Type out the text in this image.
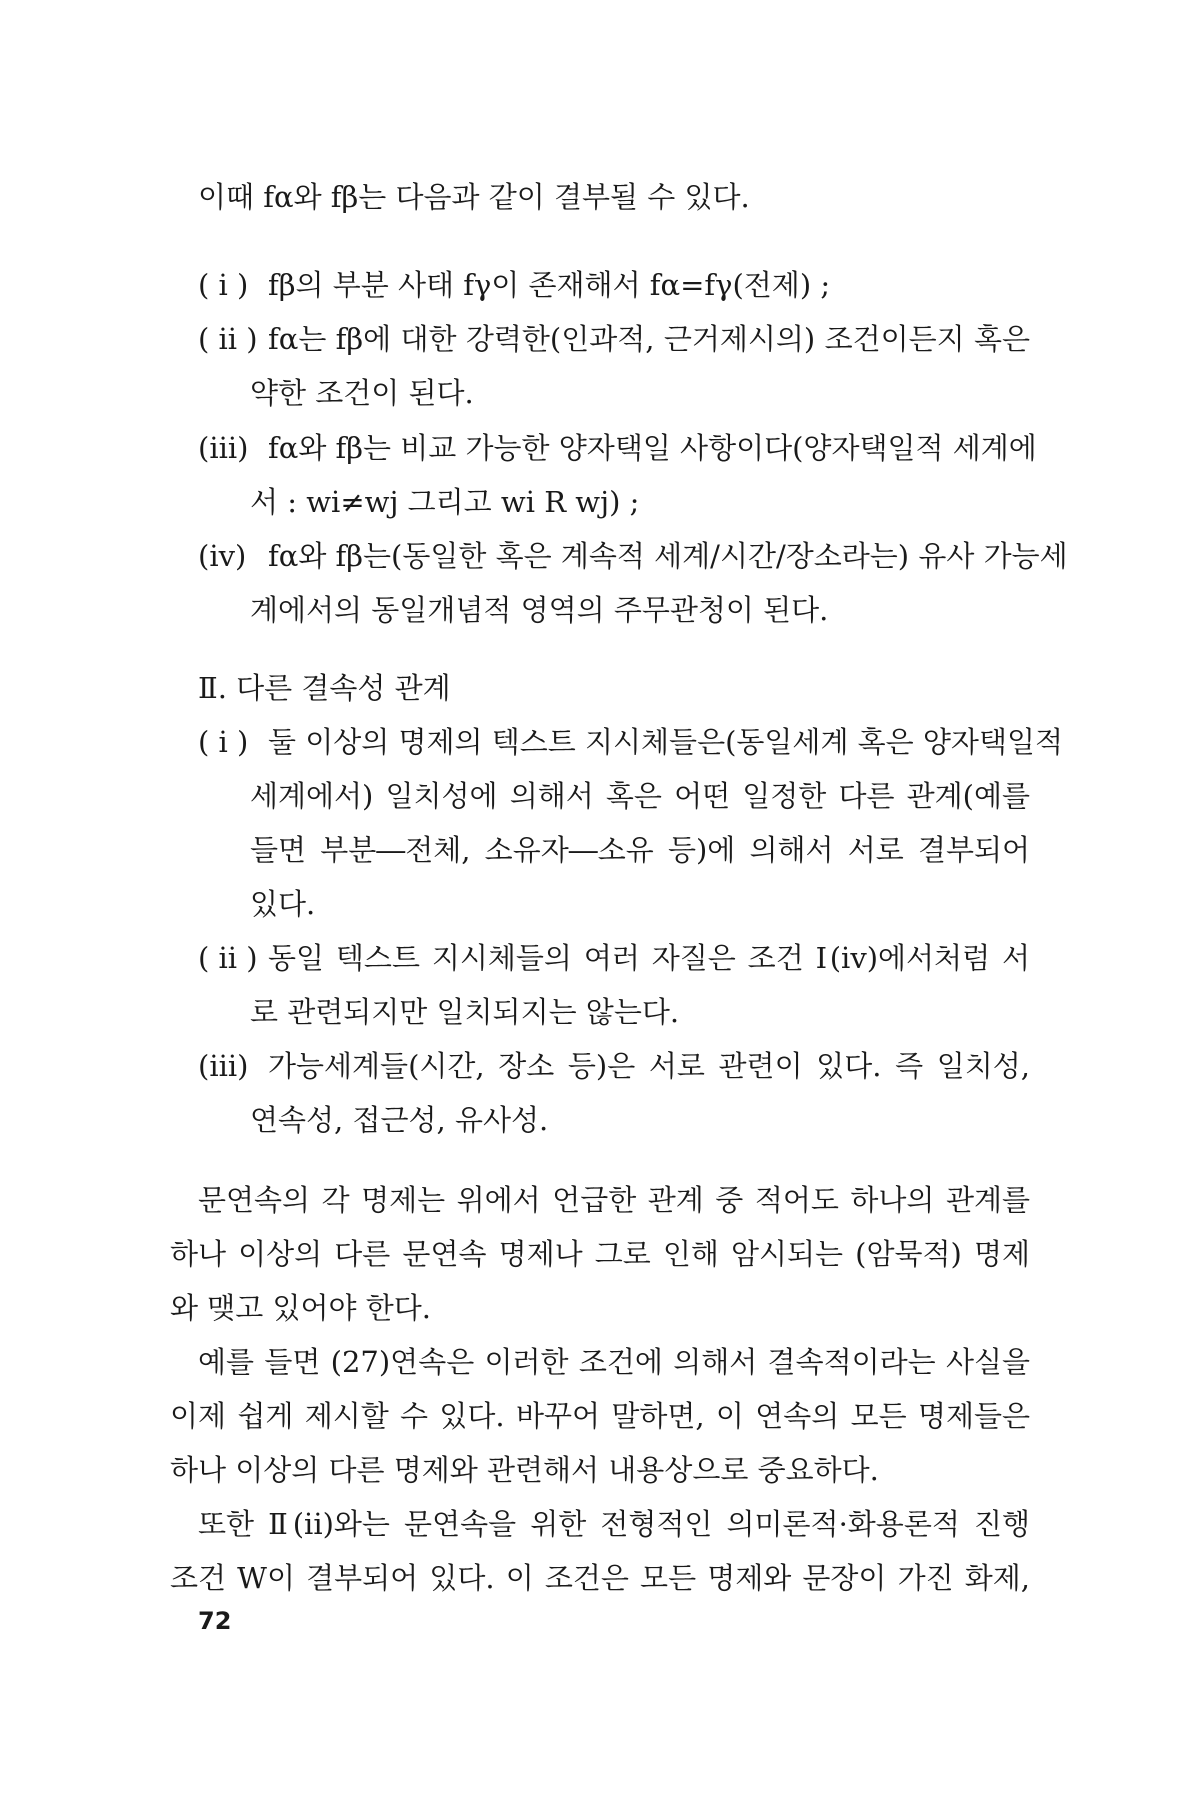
이때 fα와 fβ는 다음과 같이 결부될 수 있다.
( i ) fβ의 부분 사태 fγ이 존재해서 fα=fγ(전제) ;
( ii ) fα는 fβ에 대한 강력한(인과적, 근거제시의) 조건이든지 혹은
약한 조건이 된다.
(iii) fα와 fβ는 비교 가능한 양자택일 사항이다(양자택일적 세계에
서 : wi≠wj 그리고 wi R wj) ;
(iv) fα와 fβ는(동일한 혹은 계속적 세계/시간/장소라는) 유사 가능세
계에서의 동일개념적 영역의 주무관청이 된다.
Ⅱ. 다른 결속성 관계
( i ) 둘 이상의 명제의 텍스트 지시체들은(동일세계 혹은 양자택일적
세계에서) 일치성에 의해서 혹은 어떤 일정한 다른 관계(예를
들면 부분―전체, 소유자―소유 등)에 의해서 서로 결부되어
있다.
( ii ) 동일 텍스트 지시체들의 여러 자질은 조건 Ⅰ(iv)에서처럼 서
로 관련되지만 일치되지는 않는다.
(iii) 가능세계들(시간, 장소 등)은 서로 관련이 있다. 즉 일치성,
연속성, 접근성, 유사성.
문연속의 각 명제는 위에서 언급한 관계 중 적어도 하나의 관계를
하나 이상의 다른 문연속 명제나 그로 인해 암시되는 (암묵적) 명제
와 맺고 있어야 한다.
예를 들면 (27)연속은 이러한 조건에 의해서 결속적이라는 사실을
이제 쉽게 제시할 수 있다. 바꾸어 말하면, 이 연속의 모든 명제들은
하나 이상의 다른 명제와 관련해서 내용상으로 중요하다.
또한 Ⅱ(ii)와는 문연속을 위한 전형적인 의미론적·화용론적 진행
조건 W이 결부되어 있다. 이 조건은 모든 명제와 문장이 가진 화제,
72
